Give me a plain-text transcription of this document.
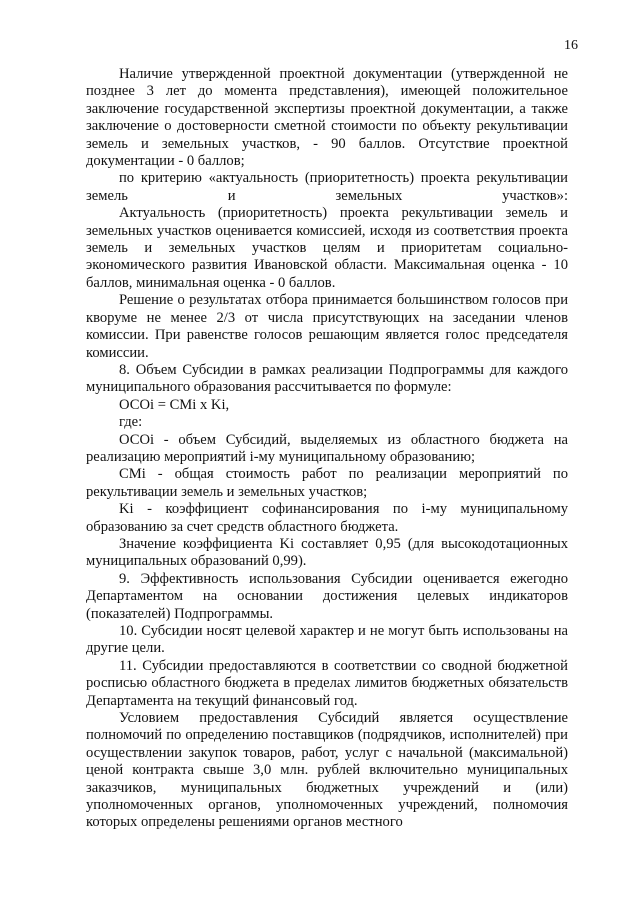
16

Наличие утвержденной проектной документации (утвержденной не позднее 3 лет до момента представления), имеющей положительное заключение государственной экспертизы проектной документации, а также заключение о достоверности сметной стоимости по объекту рекультивации земель и земельных участков, - 90 баллов. Отсутствие проектной документации - 0 баллов;

по критерию «актуальность (приоритетность) проекта рекультивации земель и земельных участков»:

Актуальность (приоритетность) проекта рекультивации земель и земельных участков оценивается комиссией, исходя из соответствия проекта земель и земельных участков целям и приоритетам социально-экономического развития Ивановской области. Максимальная оценка - 10 баллов, минимальная оценка - 0 баллов.

Решение о результатах отбора принимается большинством голосов при кворуме не менее 2/3 от числа присутствующих на заседании членов комиссии. При равенстве голосов решающим является голос председателя комиссии.

8. Объем Субсидии в рамках реализации Подпрограммы для каждого муниципального образования рассчитывается по формуле:

ОСОi = СМi x Ki,

где:

ОСОi - объем Субсидий, выделяемых из областного бюджета на реализацию мероприятий i-му муниципальному образованию;

СМi - общая стоимость работ по реализации мероприятий по рекультивации земель и земельных участков;

Ki - коэффициент софинансирования по i-му муниципальному образованию за счет средств областного бюджета.

Значение коэффициента Ki составляет 0,95 (для высокодотационных муниципальных образований 0,99).

9. Эффективность использования Субсидии оценивается ежегодно Департаментом на основании достижения целевых индикаторов (показателей) Подпрограммы.

10. Субсидии носят целевой характер и не могут быть использованы на другие цели.

11. Субсидии предоставляются в соответствии со сводной бюджетной росписью областного бюджета в пределах лимитов бюджетных обязательств Департамента на текущий финансовый год.

Условием предоставления Субсидий является осуществление полномочий по определению поставщиков (подрядчиков, исполнителей) при осуществлении закупок товаров, работ, услуг с начальной (максимальной) ценой контракта свыше 3,0 млн. рублей включительно муниципальных заказчиков, муниципальных бюджетных учреждений и (или) уполномоченных органов, уполномоченных учреждений, полномочия которых определены решениями органов местного
